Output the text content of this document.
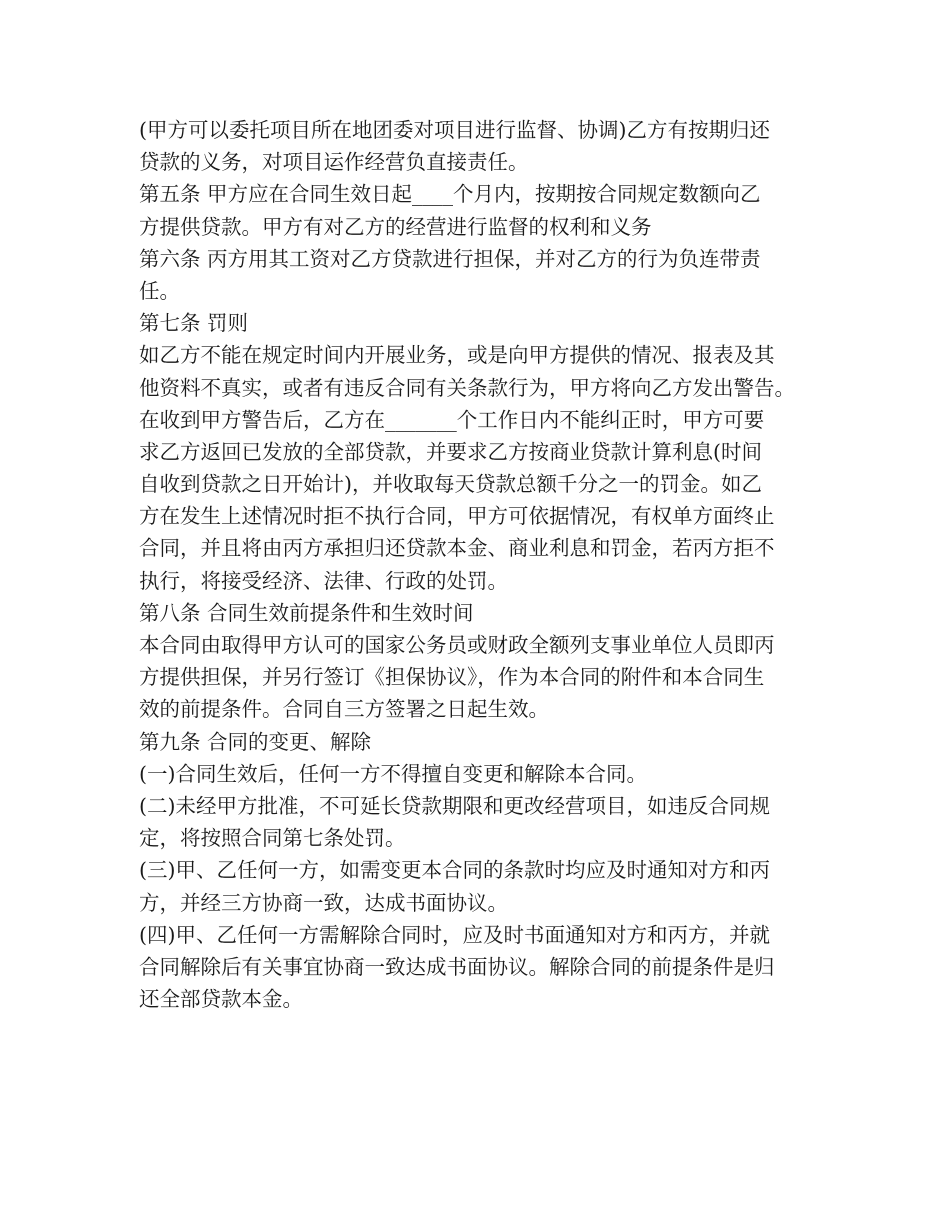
(甲方可以委托项目所在地团委对项目进行监督、协调)乙方有按期归还
贷款的义务，对项目运作经营负直接责任。
第五条 甲方应在合同生效日起____个月内，按期按合同规定数额向乙
方提供贷款。甲方有对乙方的经营进行监督的权利和义务
第六条 丙方用其工资对乙方贷款进行担保，并对乙方的行为负连带责
任。
第七条 罚则
如乙方不能在规定时间内开展业务，或是向甲方提供的情况、报表及其
他资料不真实，或者有违反合同有关条款行为，甲方将向乙方发出警告。
在收到甲方警告后，乙方在_______个工作日内不能纠正时，甲方可要
求乙方返回已发放的全部贷款，并要求乙方按商业贷款计算利息(时间
自收到贷款之日开始计)，并收取每天贷款总额千分之一的罚金。如乙
方在发生上述情况时拒不执行合同，甲方可依据情况，有权单方面终止
合同，并且将由丙方承担归还贷款本金、商业利息和罚金，若丙方拒不
执行，将接受经济、法律、行政的处罚。
第八条 合同生效前提条件和生效时间
本合同由取得甲方认可的国家公务员或财政全额列支事业单位人员即丙
方提供担保，并另行签订《担保协议》，作为本合同的附件和本合同生
效的前提条件。合同自三方签署之日起生效。
第九条 合同的变更、解除
(一)合同生效后，任何一方不得擅自变更和解除本合同。
(二)未经甲方批准，不可延长贷款期限和更改经营项目，如违反合同规
定，将按照合同第七条处罚。
(三)甲、乙任何一方，如需变更本合同的条款时均应及时通知对方和丙
方，并经三方协商一致，达成书面协议。
(四)甲、乙任何一方需解除合同时，应及时书面通知对方和丙方，并就
合同解除后有关事宜协商一致达成书面协议。解除合同的前提条件是归
还全部贷款本金。
